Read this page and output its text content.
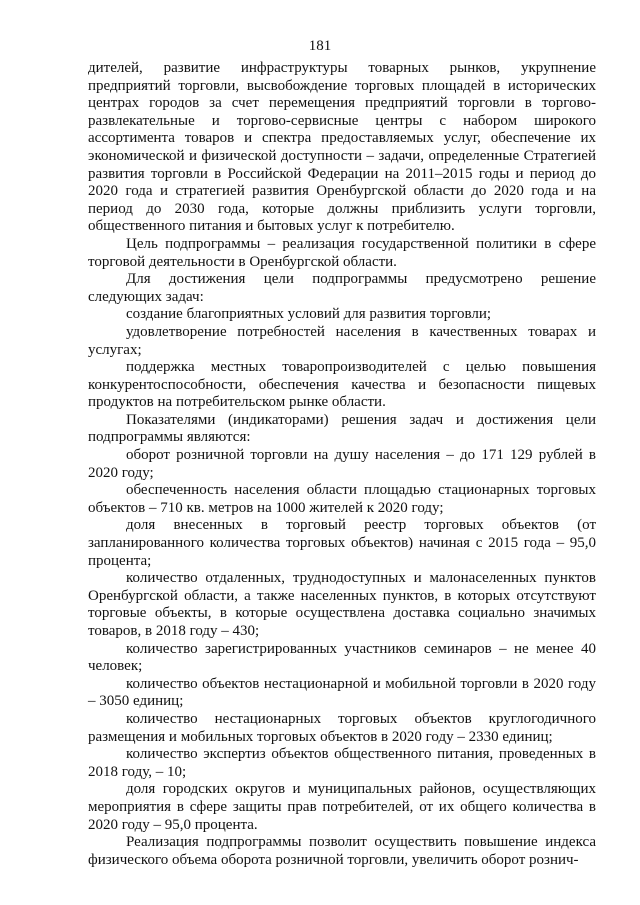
181

дителей, развитие инфраструктуры товарных рынков, укрупнение предприятий торговли, высвобождение торговых площадей в исторических центрах городов за счет перемещения предприятий торговли в торгово-развлекательные и торгово-сервисные центры с набором широкого ассортимента товаров и спектра предоставляемых услуг, обеспечение их экономической и физической доступности – задачи, определенные Стратегией развития торговли в Российской Федерации на 2011–2015 годы и период до 2020 года и стратегией развития Оренбургской области до 2020 года и на период до 2030 года, которые должны приблизить услуги торговли, общественного питания и бытовых услуг к потребителю.

Цель подпрограммы – реализация государственной политики в сфере торговой деятельности в Оренбургской области.

Для достижения цели подпрограммы предусмотрено решение следующих задач:

создание благоприятных условий для развития торговли;

удовлетворение потребностей населения в качественных товарах и услугах;

поддержка местных товаропроизводителей с целью повышения конкурентоспособности, обеспечения качества и безопасности пищевых продуктов на потребительском рынке области.

Показателями (индикаторами) решения задач и достижения цели подпрограммы являются:

оборот розничной торговли на душу населения – до 171 129 рублей в 2020 году;

обеспеченность населения области площадью стационарных торговых объектов – 710 кв. метров на 1000 жителей к 2020 году;

доля внесенных в торговый реестр торговых объектов (от запланированного количества торговых объектов) начиная с 2015 года – 95,0 процента;

количество отдаленных, труднодоступных и малонаселенных пунктов Оренбургской области, а также населенных пунктов, в которых отсутствуют торговые объекты, в которые осуществлена доставка социально значимых товаров, в 2018 году – 430;

количество зарегистрированных участников семинаров – не менее 40 человек;

количество объектов нестационарной и мобильной торговли в 2020 году – 3050 единиц;

количество нестационарных торговых объектов круглогодичного размещения и мобильных торговых объектов в 2020 году – 2330 единиц;

количество экспертиз объектов общественного питания, проведенных в 2018 году, – 10;

доля городских округов и муниципальных районов, осуществляющих мероприятия в сфере защиты прав потребителей, от их общего количества в 2020 году – 95,0 процента.

Реализация подпрограммы позволит осуществить повышение индекса физического объема оборота розничной торговли, увеличить оборот рознич-
